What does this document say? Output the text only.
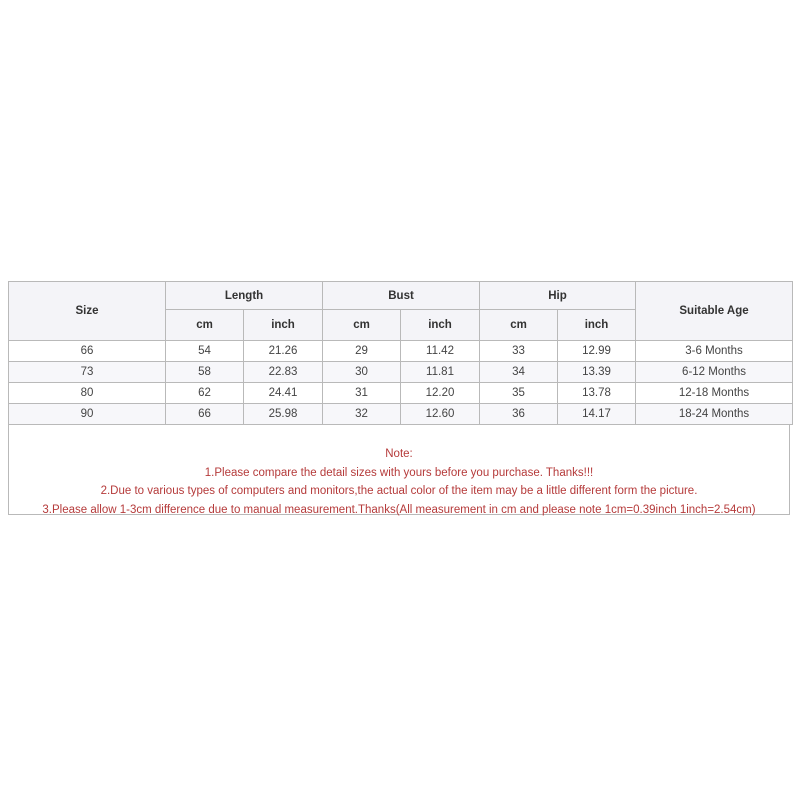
Size	Length		Bust		Hip		Suitable Age
	cm	inch	cm	inch	cm	inch	
66	54	21.26	29	11.42	33	12.99	3-6 Months
73	58	22.83	30	11.81	34	13.39	6-12 Months
80	62	24.41	31	12.20	35	13.78	12-18 Months
90	66	25.98	32	12.60	36	14.17	18-24 Months
Note:
1.Please compare the detail sizes with yours before you purchase. Thanks!!!
2.Due to various types of computers and monitors,the actual color of the item may be a little different form the picture.
3.Please allow 1-3cm difference due to manual measurement.Thanks(All measurement in cm and please note 1cm=0.39inch 1inch=2.54cm)
